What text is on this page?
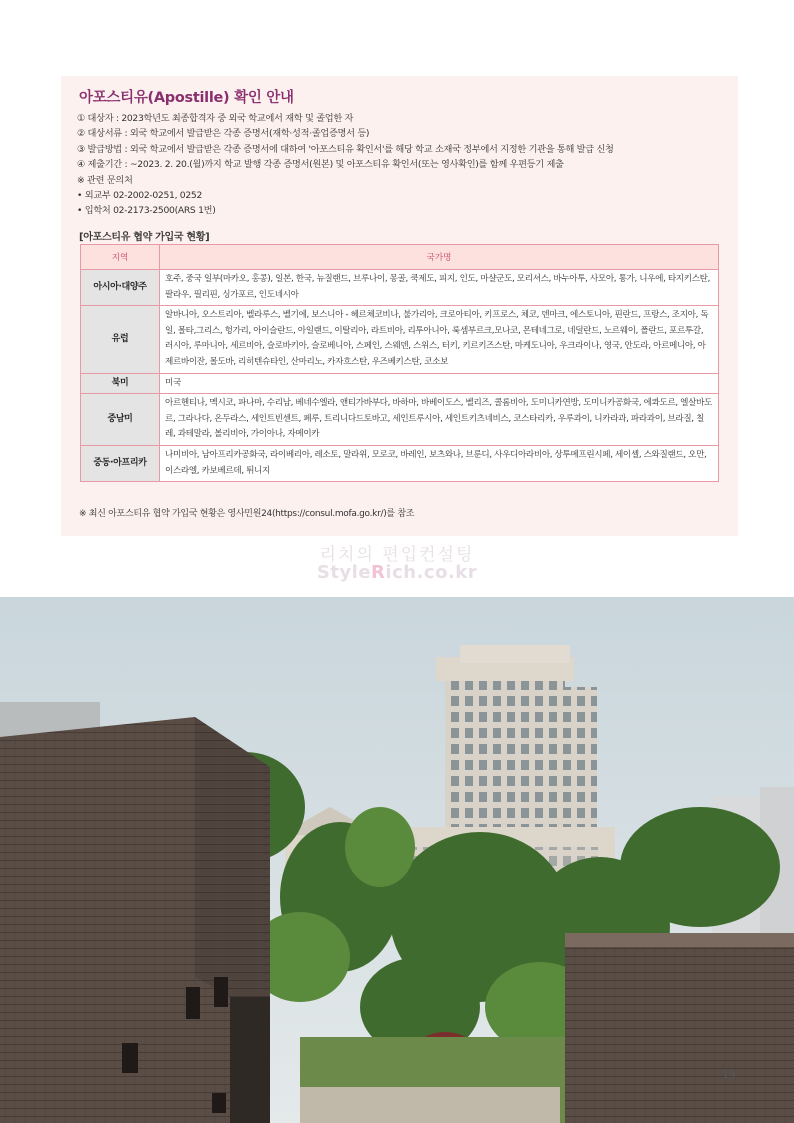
아포스티유(Apostille) 확인 안내
① 대상자 : 2023학년도 최종합격자 중 외국 학교에서 재학 및 졸업한 자
② 대상서류 : 외국 학교에서 발급받은 각종 증명서(재학·성적·졸업증명서 등)
③ 발급방법 : 외국 학교에서 발급받은 각종 증명서에 대하여 '아포스티유 확인서'를 해당 학교 소재국 정부에서 지정한 기관을 통해 발급 신청
④ 제출기간 : ~2023. 2. 20.(월)까지 학교 발행 각종 증명서(원본) 및 아포스티유 확인서(또는 영사확인)를 함께 우편등기 제출
※ 관련 문의처
• 외교부 02-2002-0251, 0252
• 입학처 02-2173-2500(ARS 1번)
[아포스티유 협약 가입국 현황]
지역	국가명
아시아·대양주	호주, 중국 일부(마카오, 홍콩), 일본, 한국, 뉴질랜드, 브루나이, 몽골, 쿡제도, 피지, 인도, 마샬군도, 모리셔스, 바누아투, 사모아, 통가, 니우에, 타지키스탄, 팔라우, 필리핀, 싱가포르, 인도네시아
유럽	알바니아, 오스트리아, 벨라루스, 벨기에, 보스니아 - 헤르체코비나, 불가리아, 크로아티아, 키프로스, 체코, 덴마크, 에스토니아, 핀란드, 프랑스, 조지아, 독일, 몰타,그리스, 헝가리, 아이슬란드, 아일랜드, 이탈리아, 라트비아, 리투아니아, 룩셈부르크,모나코, 몬테네그로, 네덜란드, 노르웨이, 폴란드, 포르투갈, 러시아, 루마니아, 세르비아, 슬로바키아, 슬로베니아, 스페인, 스웨덴, 스위스, 터키, 키르키즈스탄, 마케도니아, 우크라이나, 영국, 안도라, 아르메니아, 아제르바이잔, 몰도바, 리히텐슈타인, 산마리노, 카자흐스탄, 우즈베키스탄, 코소보
북미	미국
중남미	아르헨티나, 멕시코, 파나마, 수리남, 베네수엘라, 앤티가바부다, 바하마, 바베이도스, 벨리즈, 콜롬비아, 도미니카연방, 도미니카공화국, 에콰도르, 엘살바도르, 그라나다, 온두라스, 세인트빈센트, 페루, 트리니다드토바고, 세인트루시아, 세인트키츠네비스, 코스타리카, 우루과이, 니카라과, 파라과이, 브라질, 칠레, 과테말라, 볼리비아, 가이아나, 자메이카
중동·아프리카	나미비아, 남아프리카공화국, 라이베리아, 레소토, 말라위, 모로코, 바레인, 보츠와나, 브룬디, 사우디아라비아, 상투메프린시페, 세이셸, 스와질랜드, 오만, 이스라엘, 카보베르데, 튀니지
※ 최신 아포스티유 협약 가입국 현황은 영사민원24(https://consul.mofa.go.kr/)를 참조
리치의 편입컨설팅
StyleRich.co.kr
19
